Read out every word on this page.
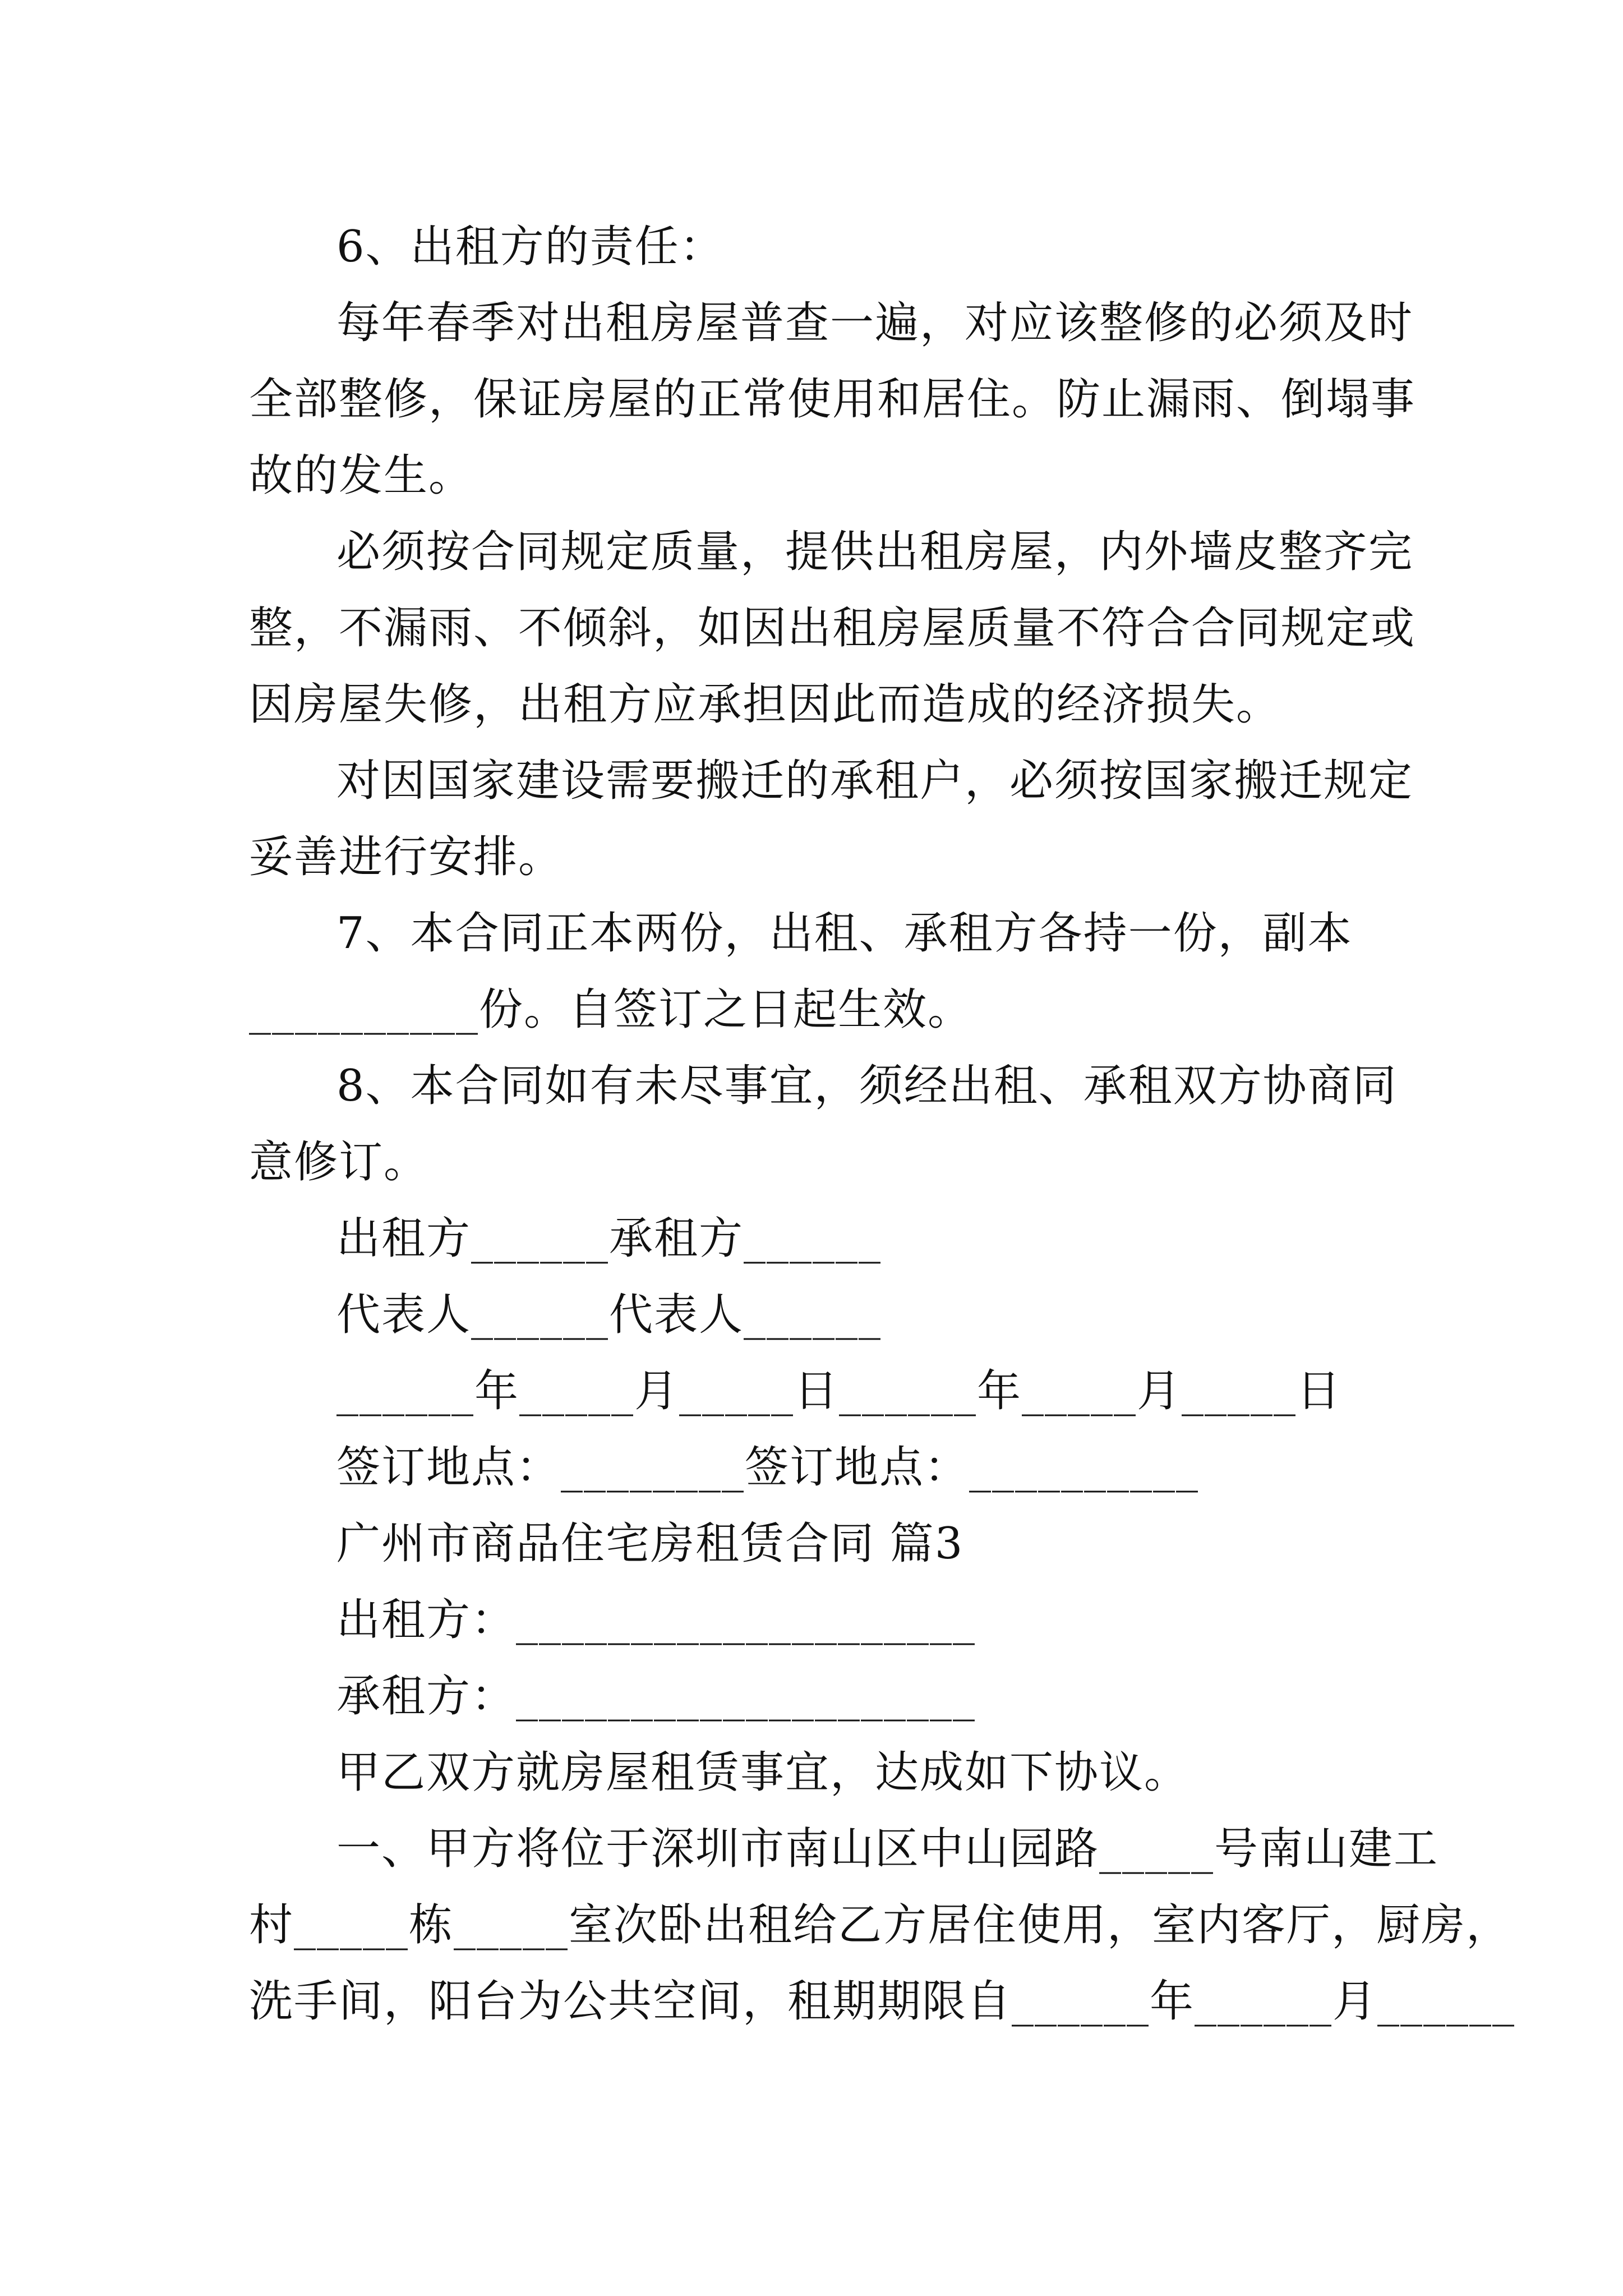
6、出租方的责任：

每年春季对出租房屋普查一遍，对应该整修的必须及时

全部整修，保证房屋的正常使用和居住。防止漏雨、倒塌事

故的发生。

必须按合同规定质量，提供出租房屋，内外墙皮整齐完

整，不漏雨、不倾斜，如因出租房屋质量不符合合同规定或

因房屋失修，出租方应承担因此而造成的经济损失。

对因国家建设需要搬迁的承租户，必须按国家搬迁规定

妥善进行安排。

7、本合同正本两份，出租、承租方各持一份，副本

__________份。自签订之日起生效。

8、本合同如有未尽事宜，须经出租、承租双方协商同

意修订。

出租方______承租方______

代表人______代表人______

______年_____月_____日______年_____月_____日

签订地点：________签订地点：__________

广州市商品住宅房租赁合同 篇3

出租方：____________________

承租方：____________________

甲乙双方就房屋租赁事宜，达成如下协议。

一、甲方将位于深圳市南山区中山园路_____号南山建工

村_____栋_____室次卧出租给乙方居住使用，室内客厅，厨房，

洗手间，阳台为公共空间，租期期限自______年______月______
